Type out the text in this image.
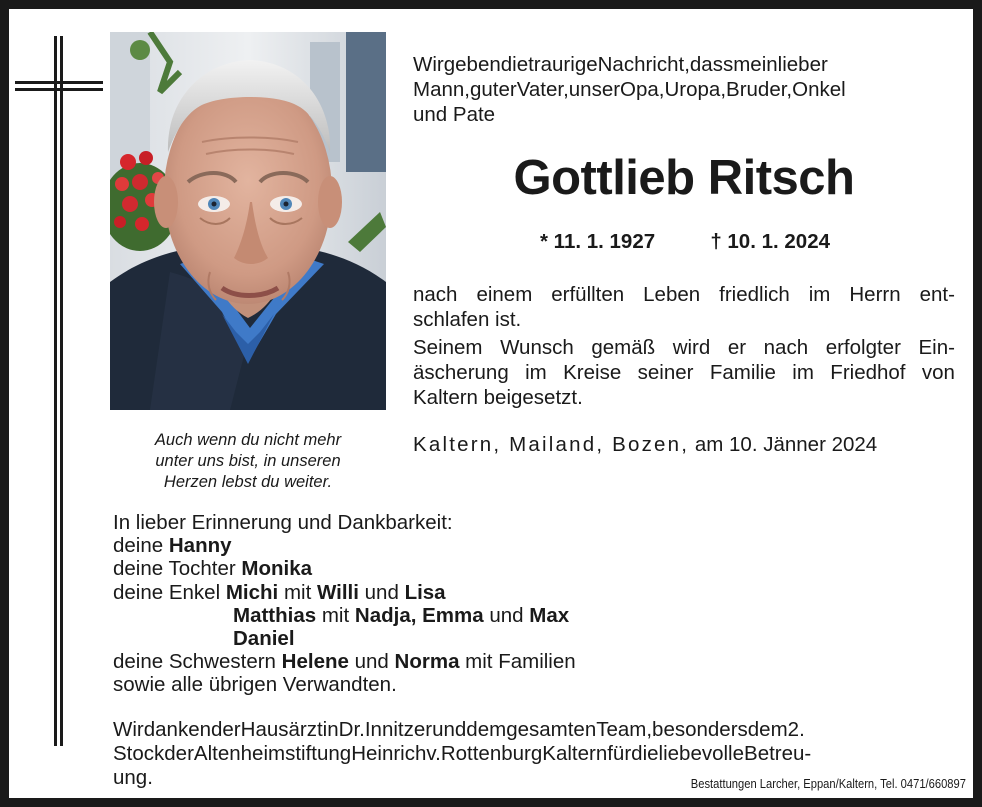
Auch wenn du nicht mehr
unter uns bist, in unseren
Herzen lebst du weiter.
WirgebendietraurigeNachricht,dassmeinlieber
Mann,guterVater,unserOpa,Uropa,Bruder,Onkel
und Pate
Gottlieb Ritsch
* 11. 1. 1927	† 10. 1. 2024
nach einem erfüllten Leben friedlich im Herrn ent-
schlafen ist.
Seinem Wunsch gemäß wird er nach erfolgter Ein-
äscherung im Kreise seiner Familie im Friedhof von
Kaltern beigesetzt.
Kaltern, Mailand, Bozen, am 10. Jänner 2024
In lieber Erinnerung und Dankbarkeit:
deine Hanny
deine Tochter Monika
deine Enkel Michi mit Willi und Lisa
Matthias mit Nadja, Emma und Max
Daniel
deine Schwestern Helene und Norma mit Familien
sowie alle übrigen Verwandten.
WirdankenderHausärztinDr.InnitzerunddemgesamtenTeam,besondersdem2.
StockderAltenheimstiftungHeinrichv.RottenburgKalternfürdieliebevolleBetreu-
ung.	Bestattungen Larcher, Eppan/Kaltern, Tel. 0471/660897
